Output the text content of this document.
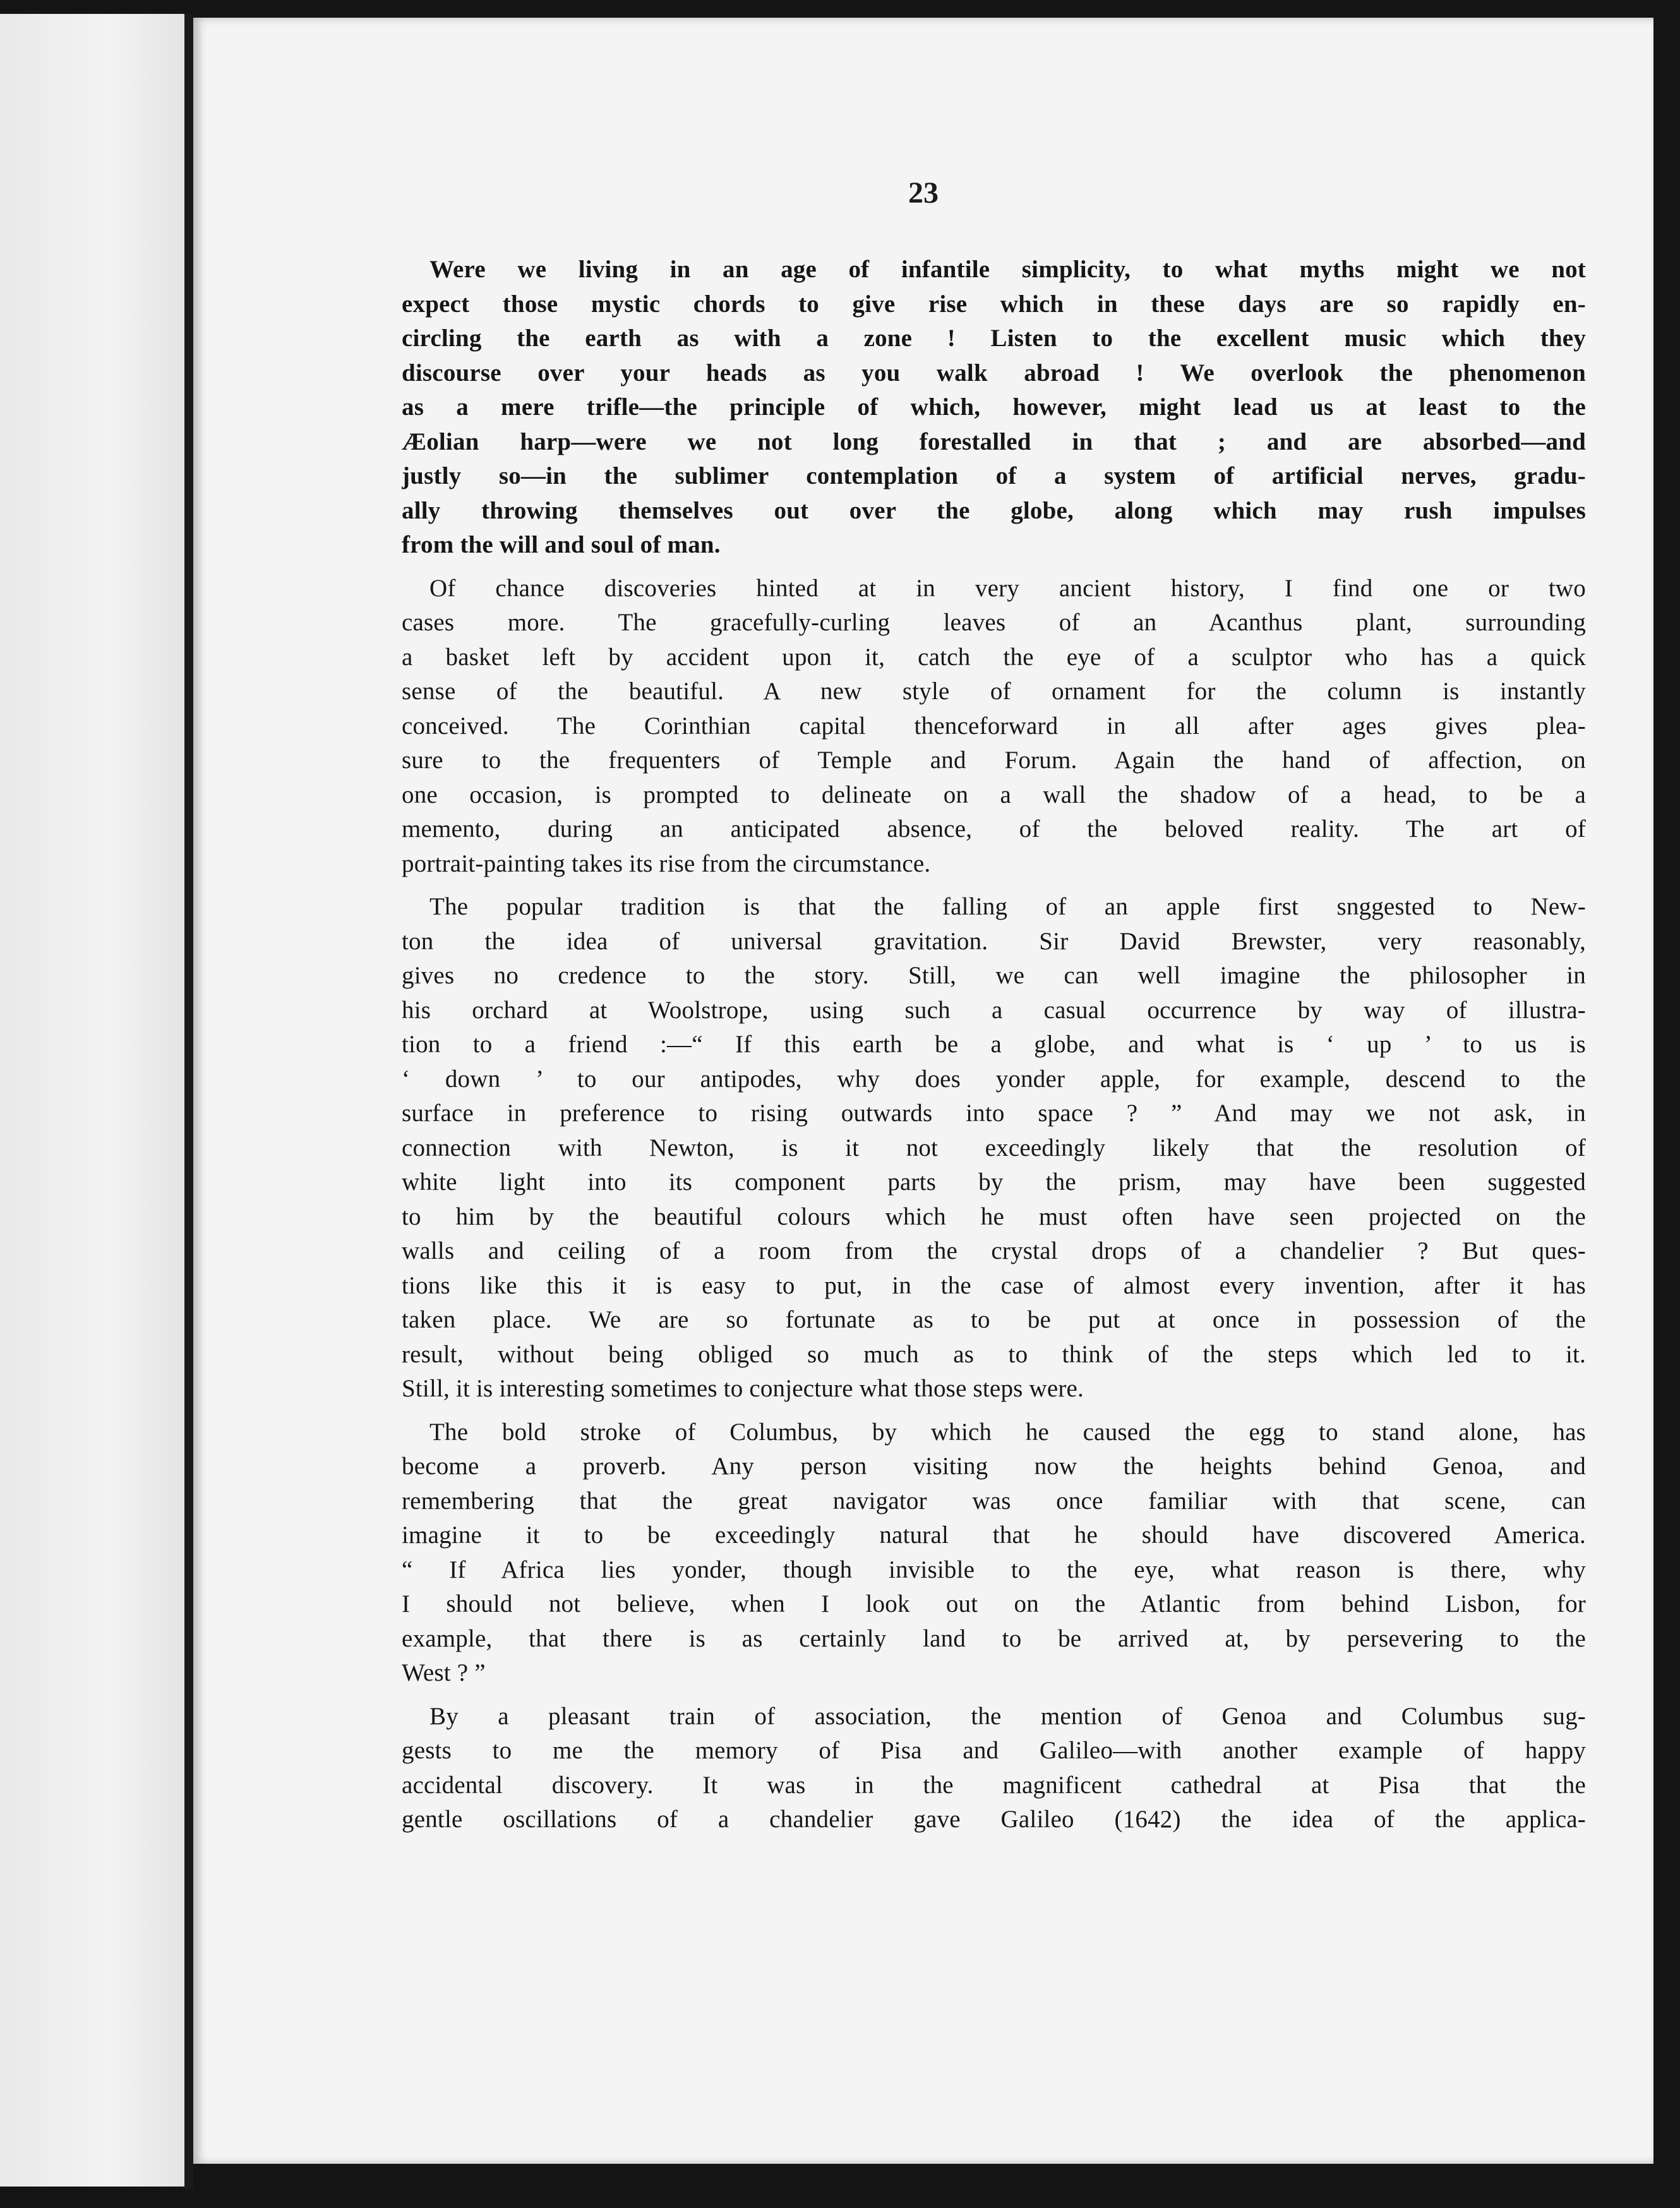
23
Were we living in an age of infantile simplicity, to what myths might we not
expect those mystic chords to give rise which in these days are so rapidly en-
circling the earth as with a zone ! Listen to the excellent music which they
discourse over your heads as you walk abroad ! We overlook the phenomenon
as a mere trifle—the principle of which, however, might lead us at least to the
Æolian harp—were we not long forestalled in that ; and are absorbed—and
justly so—in the sublimer contemplation of a system of artificial nerves, gradu-
ally throwing themselves out over the globe, along which may rush impulses
from the will and soul of man.
Of chance discoveries hinted at in very ancient history, I find one or two
cases more. The gracefully-curling leaves of an Acanthus plant, surrounding
a basket left by accident upon it, catch the eye of a sculptor who has a quick
sense of the beautiful. A new style of ornament for the column is instantly
conceived. The Corinthian capital thenceforward in all after ages gives plea-
sure to the frequenters of Temple and Forum. Again the hand of affection, on
one occasion, is prompted to delineate on a wall the shadow of a head, to be a
memento, during an anticipated absence, of the beloved reality. The art of
portrait-painting takes its rise from the circumstance.
The popular tradition is that the falling of an apple first snggested to New-
ton the idea of universal gravitation. Sir David Brewster, very reasonably,
gives no credence to the story. Still, we can well imagine the philosopher in
his orchard at Woolstrope, using such a casual occurrence by way of illustra-
tion to a friend :—“ If this earth be a globe, and what is ‘ up ’ to us is
‘ down ’ to our antipodes, why does yonder apple, for example, descend to the
surface in preference to rising outwards into space ? ” And may we not ask, in
connection with Newton, is it not exceedingly likely that the resolution of
white light into its component parts by the prism, may have been suggested
to him by the beautiful colours which he must often have seen projected on the
walls and ceiling of a room from the crystal drops of a chandelier ? But ques-
tions like this it is easy to put, in the case of almost every invention, after it has
taken place. We are so fortunate as to be put at once in possession of the
result, without being obliged so much as to think of the steps which led to it.
Still, it is interesting sometimes to conjecture what those steps were.
The bold stroke of Columbus, by which he caused the egg to stand alone, has
become a proverb. Any person visiting now the heights behind Genoa, and
remembering that the great navigator was once familiar with that scene, can
imagine it to be exceedingly natural that he should have discovered America.
“ If Africa lies yonder, though invisible to the eye, what reason is there, why
I should not believe, when I look out on the Atlantic from behind Lisbon, for
example, that there is as certainly land to be arrived at, by persevering to the
West ? ”
By a pleasant train of association, the mention of Genoa and Columbus sug-
gests to me the memory of Pisa and Galileo—with another example of happy
accidental discovery. It was in the magnificent cathedral at Pisa that the
gentle oscillations of a chandelier gave Galileo (1642) the idea of the applica-
